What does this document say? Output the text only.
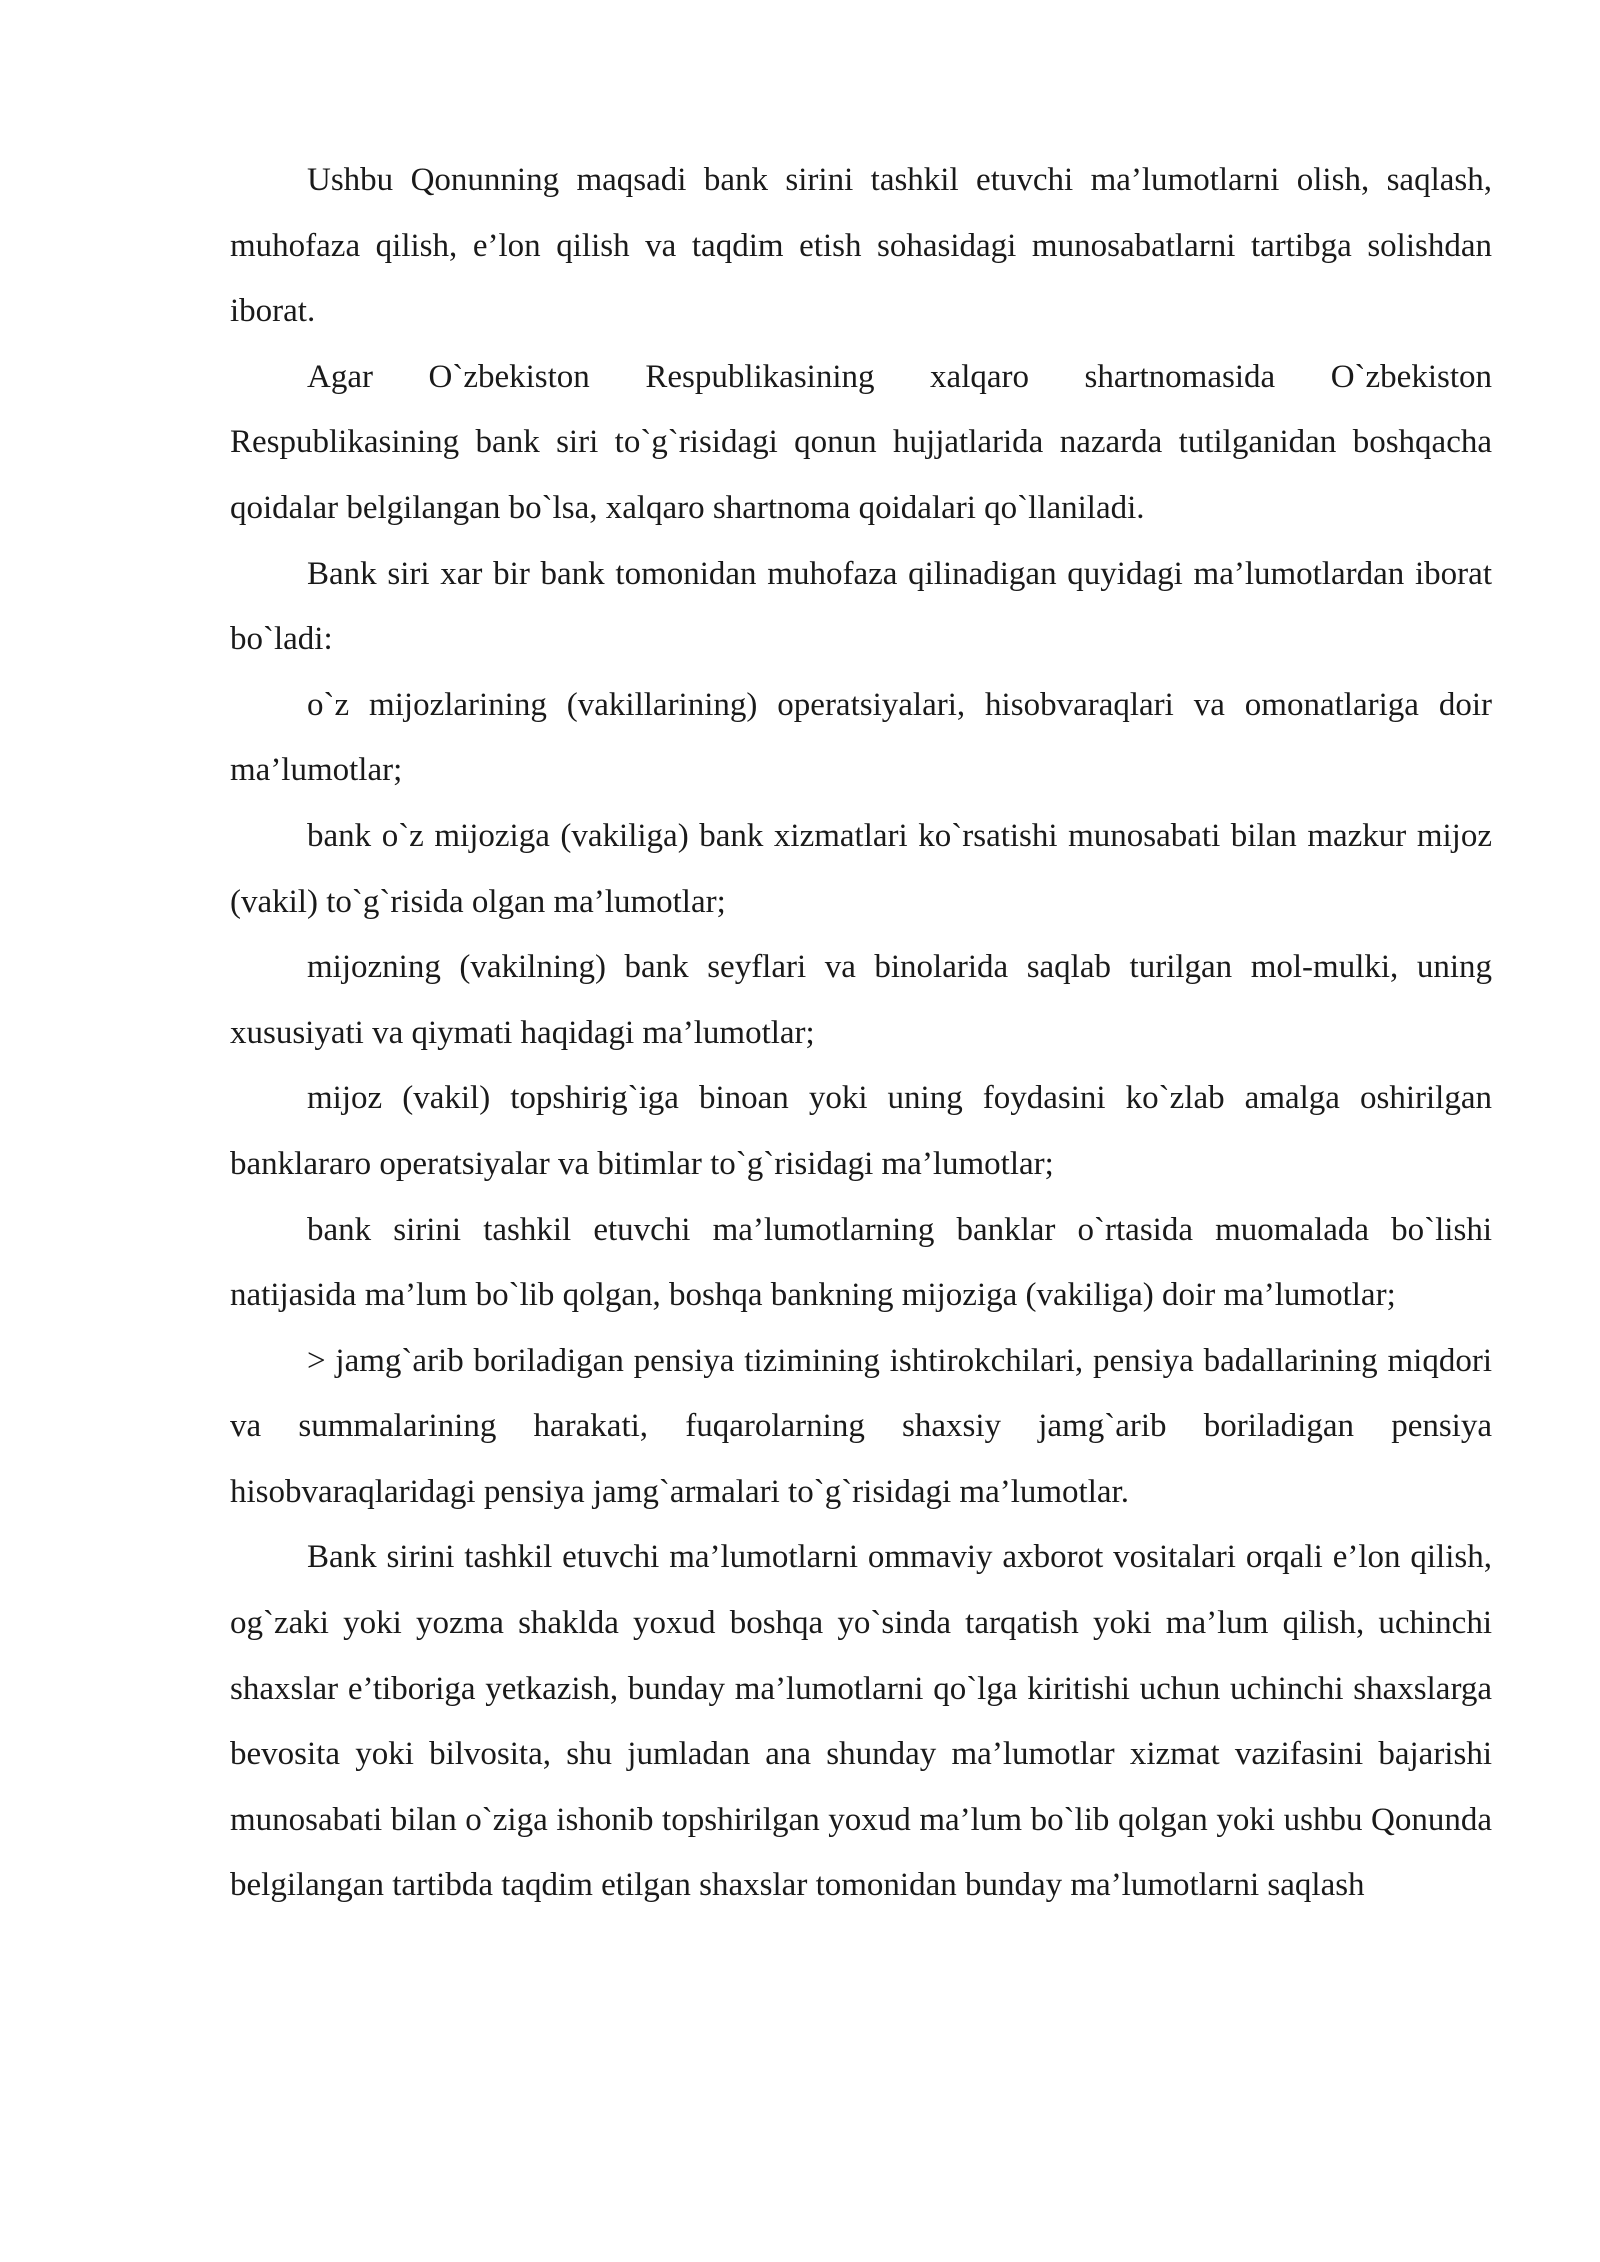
Ushbu Qonunning maqsadi bank sirini tashkil etuvchi ma’lumotlarni olish, saqlash, muhofaza qilish, e’lon qilish va taqdim etish sohasidagi munosabatlarni tartibga solishdan iborat.

Agar O`zbekiston Respublikasining xalqaro shartnomasida O`zbekiston Respublikasining bank siri to`g`risidagi qonun hujjatlarida nazarda tutilganidan boshqacha qoidalar belgilangan bo`lsa, xalqaro shartnoma qoidalari qo`llaniladi.

Bank siri xar bir bank tomonidan muhofaza qilinadigan quyidagi ma’lumotlardan iborat bo`ladi:

o`z mijozlarining (vakillarining) operatsiyalari, hisobvaraqlari va omonatlariga doir ma’lumotlar;

bank o`z mijoziga (vakiliga) bank xizmatlari ko`rsatishi munosabati bilan mazkur mijoz (vakil) to`g`risida olgan ma’lumotlar;

mijozning (vakilning) bank seyflari va binolarida saqlab turilgan mol-mulki, uning xususiyati va qiymati haqidagi ma’lumotlar;

mijoz (vakil) topshirig`iga binoan yoki uning foydasini ko`zlab amalga oshirilgan banklararo operatsiyalar va bitimlar to`g`risidagi ma’lumotlar;

bank sirini tashkil etuvchi ma’lumotlarning banklar o`rtasida muomalada bo`lishi natijasida ma’lum bo`lib qolgan, boshqa bankning mijoziga (vakiliga) doir ma’lumotlar;

> jamg`arib boriladigan pensiya tizimining ishtirokchilari, pensiya badallarining miqdori va summalarining harakati, fuqarolarning shaxsiy jamg`arib boriladigan pensiya hisobvaraqlaridagi pensiya jamg`armalari to`g`risidagi ma’lumotlar.

Bank sirini tashkil etuvchi ma’lumotlarni ommaviy axborot vositalari orqali e’lon qilish, og`zaki yoki yozma shakldа yoxud boshqa yo`sinda tarqatish yoki ma’lum qilish, uchinchi shaxslar e’tiboriga yetkazish, bunday ma’lumotlarni qo`lga kiritishi uchun uchinchi shaxslarga bevosita yoki bilvosita, shu jumladan ana shunday ma’lumotlar xizmat vazifasini bajarishi munosabati bilan o`ziga ishonib topshirilgan yoxud ma’lum bo`lib qolgan yoki ushbu Qonunda belgilangan tartibda taqdim etilgan shaxslar tomonidan bunday ma’lumotlarni saqlash
